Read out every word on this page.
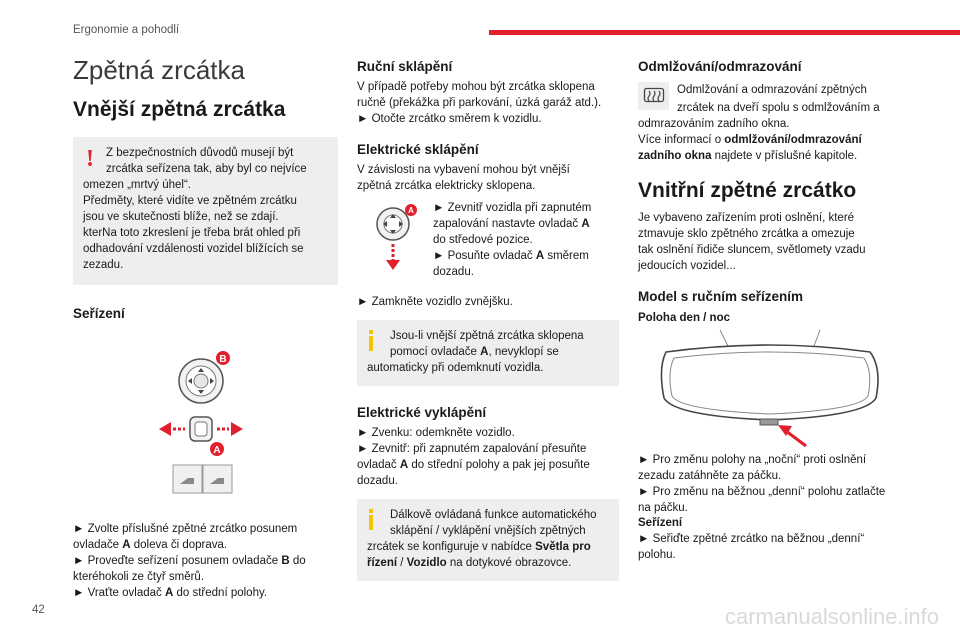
Ergonomie a pohodlí
Zpětná zrcátka
Vnější zpětná zrcátka
!	Z bezpečnostních důvodů musejí být
zrcátka seřízena tak, aby byl co nejvíce
omezen „mrtvý úhel“.
Předměty, které vidíte ve zpětném zrcátku
jsou ve skutečnosti blíže, než se zdají.
kterNa toto zkreslení je třeba brát ohled při
odhadování vzdálenosti vozidel blížících se
zezadu.
Seřízení
B
A

► Zvolte příslušné zpětné zrcátko posunem

ovladače A doleva či doprava.

► Proveďte seřízení posunem ovladače B do

kteréhokoli ze čtyř směrů.

► Vraťte ovladač A do střední polohy.

Ruční sklápění

V případě potřeby mohou být zrcátka sklopena

ručně (překážka při parkování, úzká garáž atd.).

► Otočte zrcátko směrem k vozidlu.

Elektrické sklápění

V závislosti na vybavení mohou být vnější

zpětná zrcátka elektricky sklopena.

A ► Zevnitř vozidla při zapnutém

zapalování nastavte ovladač A

do středové pozice.

► Posuňte ovladač A směrem

dozadu.

► Zamkněte vozidlo zvnějšku.

Jsou-li vnější zpětná zrcátka sklopena
pomocí ovladače A, nevyklopí se
automaticky při odemknutí vozidla.
Elektrické vyklápění

► Zvenku: odemkněte vozidlo.

► Zevnitř: při zapnutém zapalování přesuňte

ovladač A do střední polohy a pak jej posuňte

dozadu.

Dálkově ovládaná funkce automatického
sklápění / vyklápění vnějších zpětných
zrcátek se konfiguruje v nabídce Světla pro
řízení / Vozidlo na dotykové obrazovce.
Odmlžování/odmrazování
Odmlžování a odmrazování zpětných
zrcátek na dveří spolu s odmlžováním a

odmrazováním zadního okna.

Více informací o odmlžování/odmrazování

zadního okna najdete v příslušné kapitole.

Vnitřní zpětné zrcátko

Je vybaveno zařízením proti oslnění, které

ztmavuje sklo zpětného zrcátka a omezuje

tak oslnění řidiče sluncem, světlomety vzadu

jedoucích vozidel...

Model s ručním seřízením
Poloha den / noc

► Pro změnu polohy na „noční“ proti oslnění

zezadu zatáhněte za páčku.

► Pro změnu na běžnou „denní“ polohu zatlačte

na páčku.

Seřízení

► Seřiďte zpětné zrcátko na běžnou „denní“

polohu.

42	carmanualsonline.info
